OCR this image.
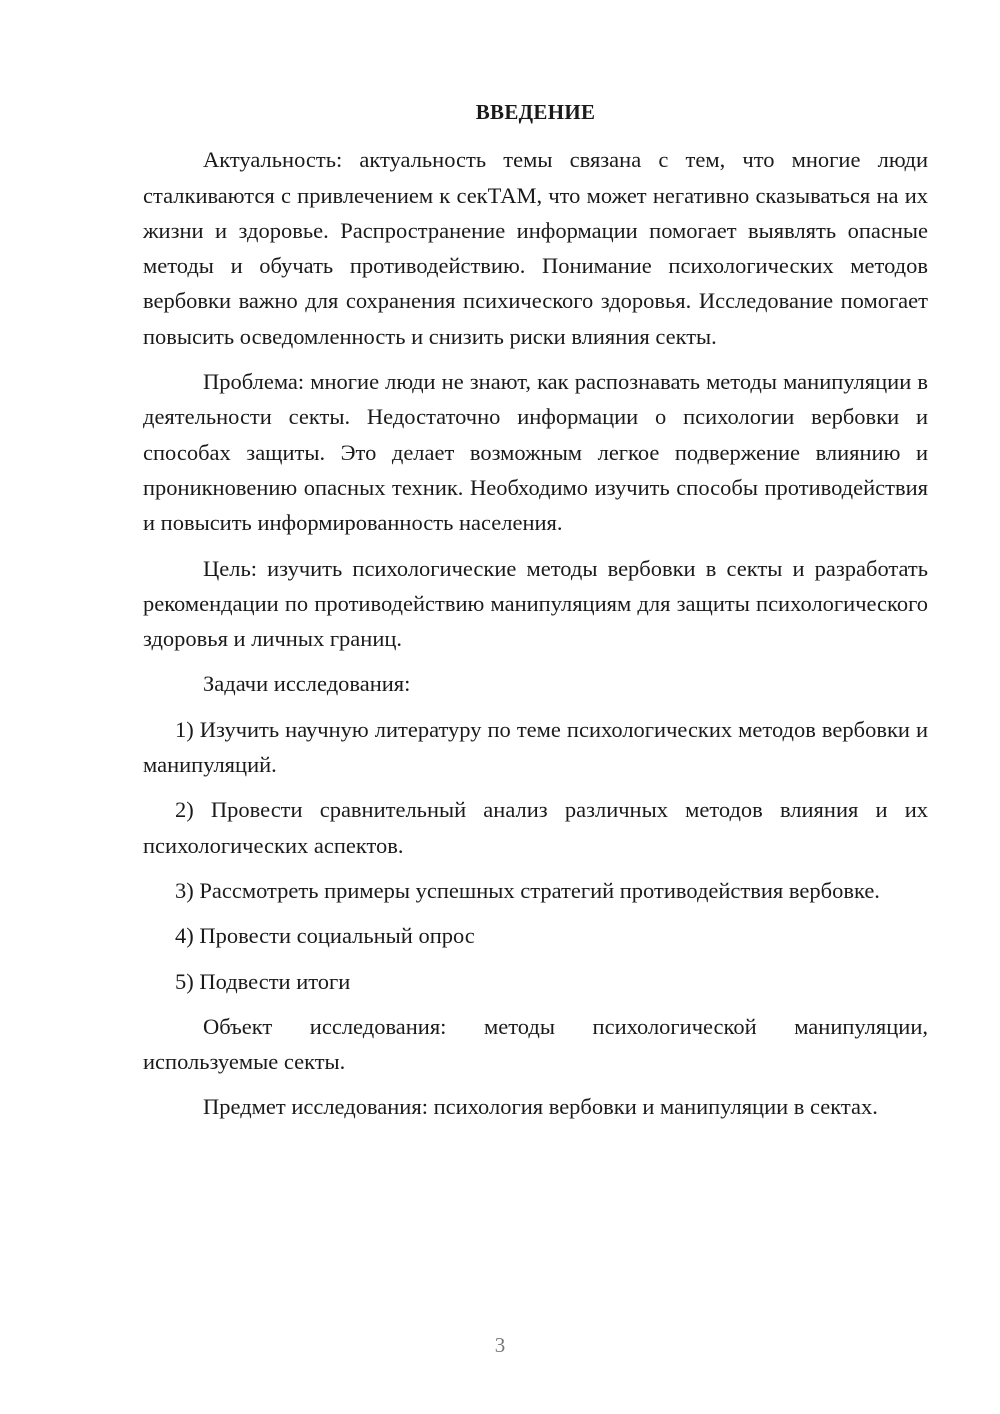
ВВЕДЕНИЕ
Актуальность: актуальность темы связана с тем, что многие люди сталкиваются с привлечением к секТАМ, что может негативно сказываться на их жизни и здоровье. Распространение информации помогает выявлять опасные методы и обучать противодействию. Понимание психологических методов вербовки важно для сохранения психического здоровья. Исследование помогает повысить осведомленность и снизить риски влияния секты.
Проблема: многие люди не знают, как распознавать методы манипуляции в деятельности секты. Недостаточно информации о психологии вербовки и способах защиты. Это делает возможным легкое подвержение влиянию и проникновению опасных техник. Необходимо изучить способы противодействия и повысить информированность населения.
Цель: изучить психологические методы вербовки в секты и разработать рекомендации по противодействию манипуляциям для защиты психологического здоровья и личных границ.
Задачи исследования:
1) Изучить научную литературу по теме психологических методов вербовки и манипуляций.
2) Провести сравнительный анализ различных методов влияния и их психологических аспектов.
3) Рассмотреть примеры успешных стратегий противодействия вербовке.
4) Провести социальный опрос
5) Подвести итоги
Объект исследования: методы психологической манипуляции, используемые секты.
Предмет исследования: психология вербовки и манипуляции в сектах.
3
